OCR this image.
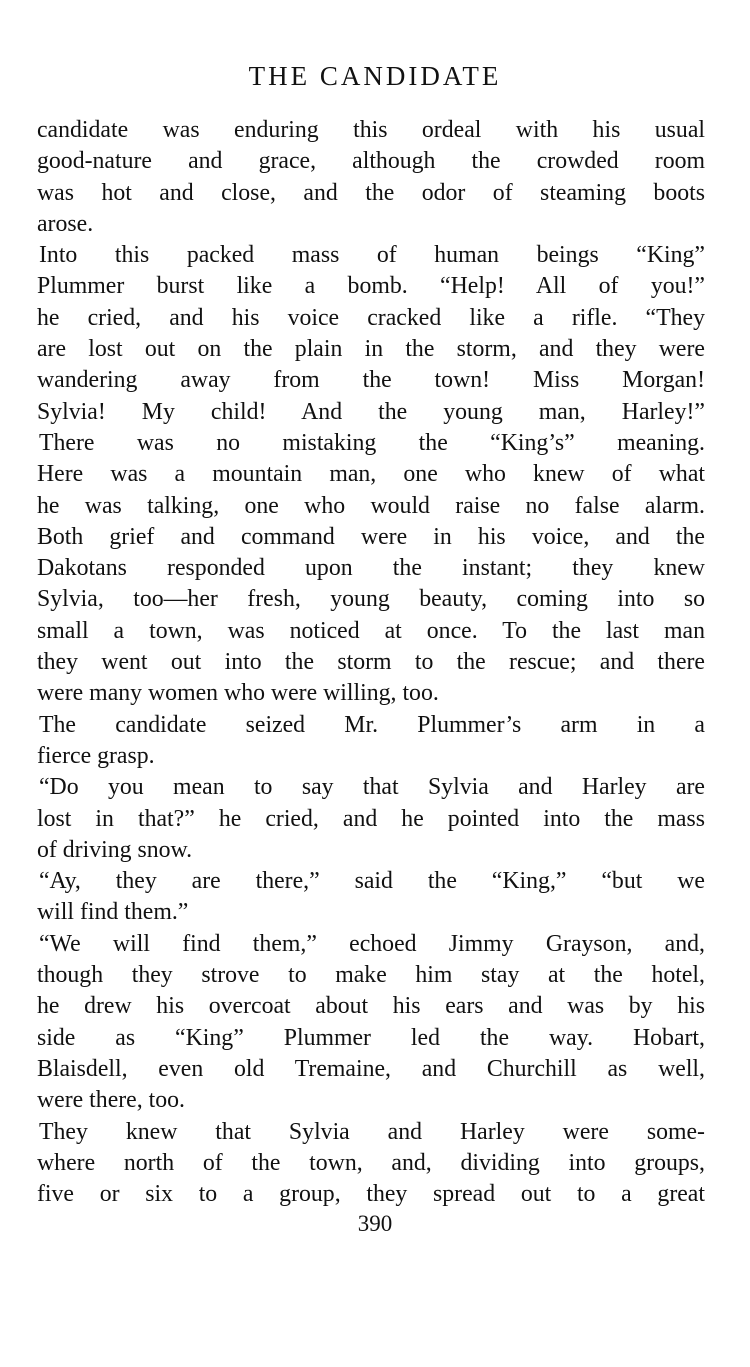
THE CANDIDATE
candidate was enduring this ordeal with his usual
good-nature and grace, although the crowded room
was hot and close, and the odor of steaming boots
arose.
Into this packed mass of human beings “King”
Plummer burst like a bomb. “Help! All of you!”
he cried, and his voice cracked like a rifle. “They
are lost out on the plain in the storm, and they were
wandering away from the town! Miss Morgan!
Sylvia! My child! And the young man, Harley!”
There was no mistaking the “King’s” meaning.
Here was a mountain man, one who knew of what
he was talking, one who would raise no false alarm.
Both grief and command were in his voice, and the
Dakotans responded upon the instant; they knew
Sylvia, too—her fresh, young beauty, coming into so
small a town, was noticed at once. To the last man
they went out into the storm to the rescue; and there
were many women who were willing, too.
The candidate seized Mr. Plummer’s arm in a
fierce grasp.
“Do you mean to say that Sylvia and Harley are
lost in that?” he cried, and he pointed into the mass
of driving snow.
“Ay, they are there,” said the “King,” “but we
will find them.”
“We will find them,” echoed Jimmy Grayson, and,
though they strove to make him stay at the hotel,
he drew his overcoat about his ears and was by his
side as “King” Plummer led the way. Hobart,
Blaisdell, even old Tremaine, and Churchill as well,
were there, too.
They knew that Sylvia and Harley were some-
where north of the town, and, dividing into groups,
five or six to a group, they spread out to a great
390
